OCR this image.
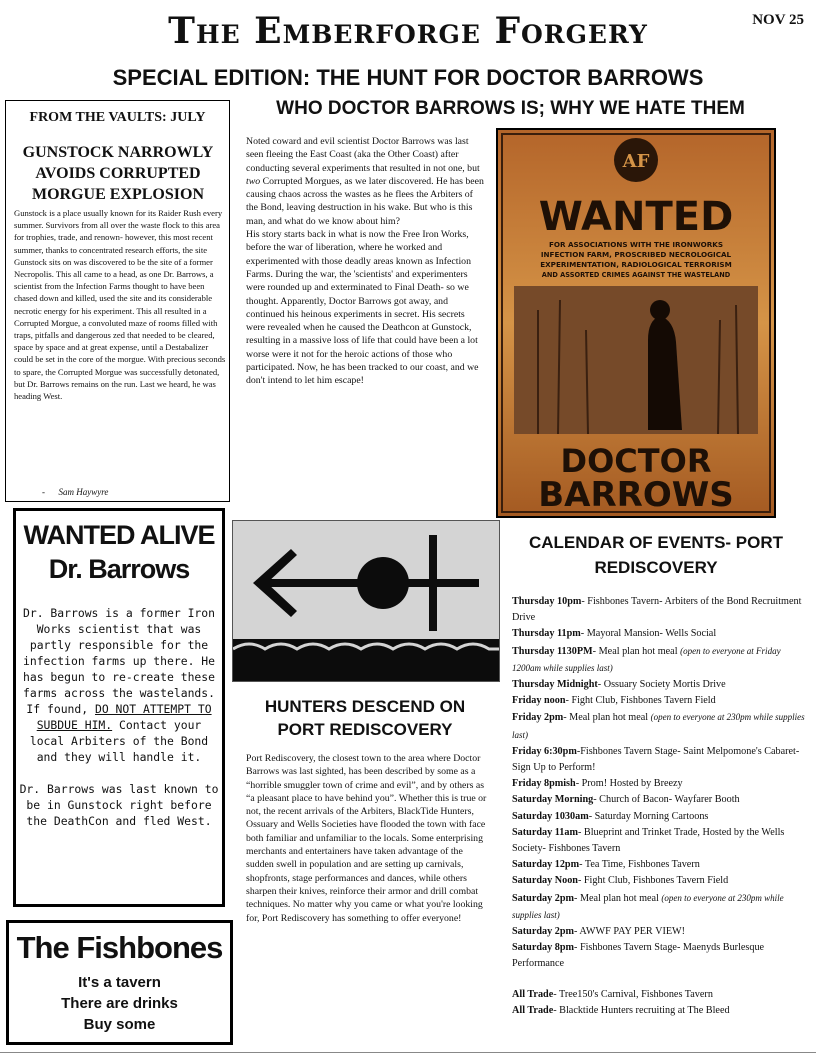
The Emberforge Forgery	NOV 25
SPECIAL EDITION: THE HUNT FOR DOCTOR BARROWS
FROM THE VAULTS: JULY
GUNSTOCK NARROWLY AVOIDS CORRUPTED MORGUE EXPLOSION
Gunstock is a place usually known for its Raider Rush every summer. Survivors from all over the waste flock to this area for trophies, trade, and renown- however, this most recent summer, thanks to concentrated research efforts, the site Gunstock sits on was discovered to be the site of a former Necropolis. This all came to a head, as one Dr. Barrows, a scientist from the Infection Farms thought to have been chased down and killed, used the site and its considerable necrotic energy for his experiment. This all resulted in a Corrupted Morgue, a convoluted maze of rooms filled with traps, pitfalls and dangerous zed that needed to be cleared, space by space and at great expense, until a Destabalizer could be set in the core of the morgue. With precious seconds to spare, the Corrupted Morgue was successfully detonated, but Dr. Barrows remains on the run. Last we heard, he was heading West.
- Sam Haywyre
WANTED ALIVE
Dr. Barrows
Dr. Barrows is a former Iron Works scientist that was partly responsible for the infection farms up there. He has begun to re-create these farms across the wastelands. If found, DO NOT ATTEMPT TO SUBDUE HIM. Contact your local Arbiters of the Bond and they will handle it.
Dr. Barrows was last known to be in Gunstock right before the DeathCon and fled West.
The Fishbones
It's a tavern
There are drinks
Buy some
WHO DOCTOR BARROWS IS; WHY WE HATE THEM
Noted coward and evil scientist Doctor Barrows was last seen fleeing the East Coast (aka the Other Coast) after conducting several experiments that resulted in not one, but two Corrupted Morgues, as we later discovered. He has been causing chaos across the wastes as he flees the Arbiters of the Bond, leaving destruction in his wake. But who is this man, and what do we know about him?
His story starts back in what is now the Free Iron Works, before the war of liberation, where he worked and experimented with those deadly areas known as Infection Farms. During the war, the 'scientists' and experimenters were rounded up and exterminated to Final Death- so we thought. Apparently, Doctor Barrows got away, and continued his heinous experiments in secret. His secrets were revealed when he caused the Deathcon at Gunstock, resulting in a massive loss of life that could have been a lot worse were it not for the heroic actions of those who participated. Now, he has been tracked to our coast, and we don't intend to let him escape!
AF
WANTED
FOR ASSOCIATIONS WITH THE IRONWORKS
INFECTION FARM, PROSCRIBED NECROLOGICAL
EXPERIMENTATION, RADIOLOGICAL TERRORISM
AND ASSORTED CRIMES AGAINST THE WASTELAND
DOCTOR
BARROWS
HUNTERS DESCEND ON PORT REDISCOVERY
Port Rediscovery, the closest town to the area where Doctor Barrows was last sighted, has been described by some as a “horrible smuggler town of crime and evil”, and by others as “a pleasant place to have behind you”. Whether this is true or not, the recent arrivals of the Arbiters, BlackTide Hunters, Ossuary and Wells Societies have flooded the town with face both familiar and unfamiliar to the locals. Some enterprising merchants and entertainers have taken advantage of the sudden swell in population and are setting up carnivals, shopfronts, stage performances and dances, while others sharpen their knives, reinforce their armor and drill combat techniques. No matter why you came or what you're looking for, Port Rediscovery has something to offer everyone!
CALENDAR OF EVENTS- PORT REDISCOVERY
Thursday 10pm- Fishbones Tavern- Arbiters of the Bond Recruitment Drive
Thursday 11pm- Mayoral Mansion- Wells Social
Thursday 1130PM- Meal plan hot meal (open to everyone at Friday 1200am while supplies last)
Thursday Midnight- Ossuary Society Mortis Drive
Friday noon- Fight Club, Fishbones Tavern Field
Friday 2pm- Meal plan hot meal (open to everyone at 230pm while supplies last)
Friday 6:30pm-Fishbones Tavern Stage- Saint Melpomone's Cabaret- Sign Up to Perform!
Friday 8pmish- Prom! Hosted by Breezy
Saturday Morning- Church of Bacon- Wayfarer Booth
Saturday 1030am- Saturday Morning Cartoons
Saturday 11am- Blueprint and Trinket Trade, Hosted by the Wells Society- Fishbones Tavern
Saturday 12pm- Tea Time, Fishbones Tavern
Saturday Noon- Fight Club, Fishbones Tavern Field
Saturday 2pm- Meal plan hot meal (open to everyone at 230pm while supplies last)
Saturday 2pm- AWWF PAY PER VIEW!
Saturday 8pm- Fishbones Tavern Stage- Maenyds Burlesque Performance
All Trade- Tree150's Carnival, Fishbones Tavern
All Trade- Blacktide Hunters recruiting at The Bleed
